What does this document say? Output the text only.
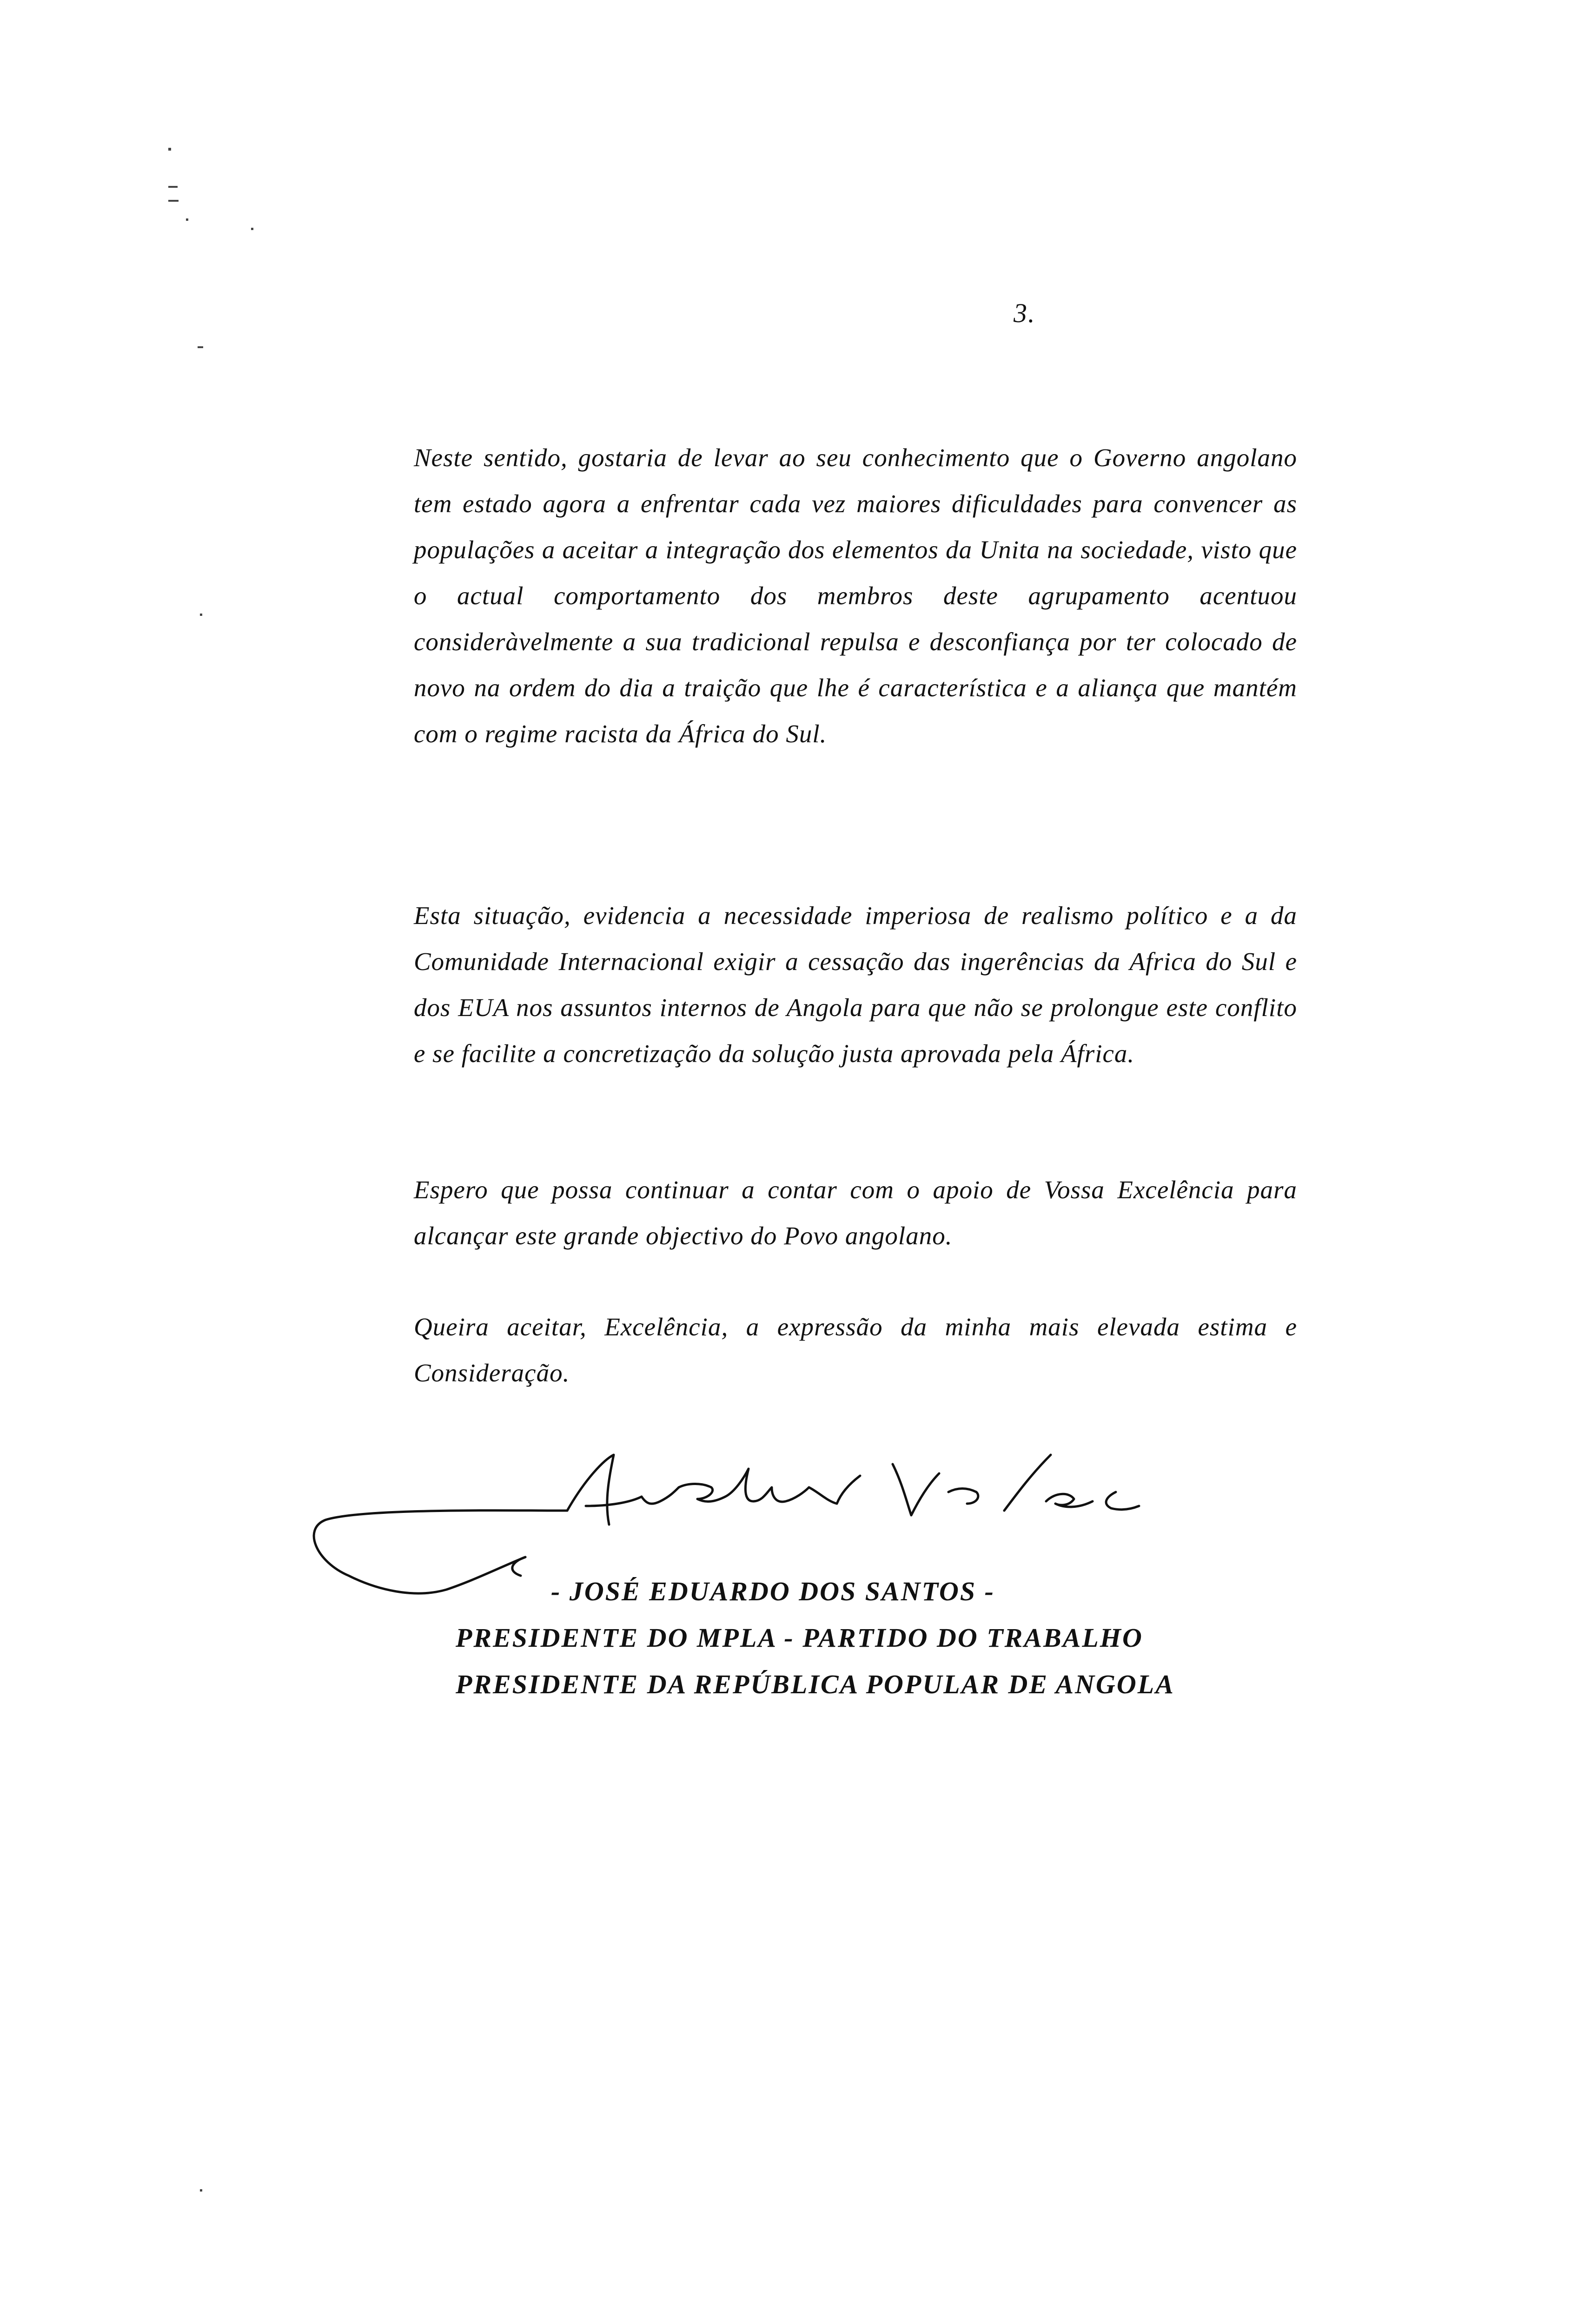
3.

Neste sentido, gostaria de levar ao seu conhecimento que o Governo angolano tem estado agora a enfrentar cada vez maiores dificuldades para convencer as populações a aceitar a integração dos elementos da Unita na sociedade, visto que o actual comportamento dos membros deste agrupamento acentuou consideràvelmente a sua tradicional repulsa e desconfiança por ter colocado de novo na ordem do dia a traição que lhe é característica e a aliança que mantém com o regime racista da África do Sul.

Esta situação, evidencia a necessidade imperiosa de realismo político e a da Comunidade Internacional exigir a cessação das ingerências da Africa do Sul e dos EUA nos assuntos internos de Angola para que não se prolongue este conflito e se facilite a concretização da solução justa aprovada pela África.

Espero que possa continuar a contar com o apoio de Vossa Excelência para alcançar este grande objectivo do Povo angolano.

Queira aceitar, Excelência, a expressão da minha mais elevada estima e Consideração.

- JOSÉ EDUARDO DOS SANTOS -
PRESIDENTE DO MPLA - PARTIDO DO TRABALHO
PRESIDENTE DA REPÚBLICA POPULAR DE ANGOLA
